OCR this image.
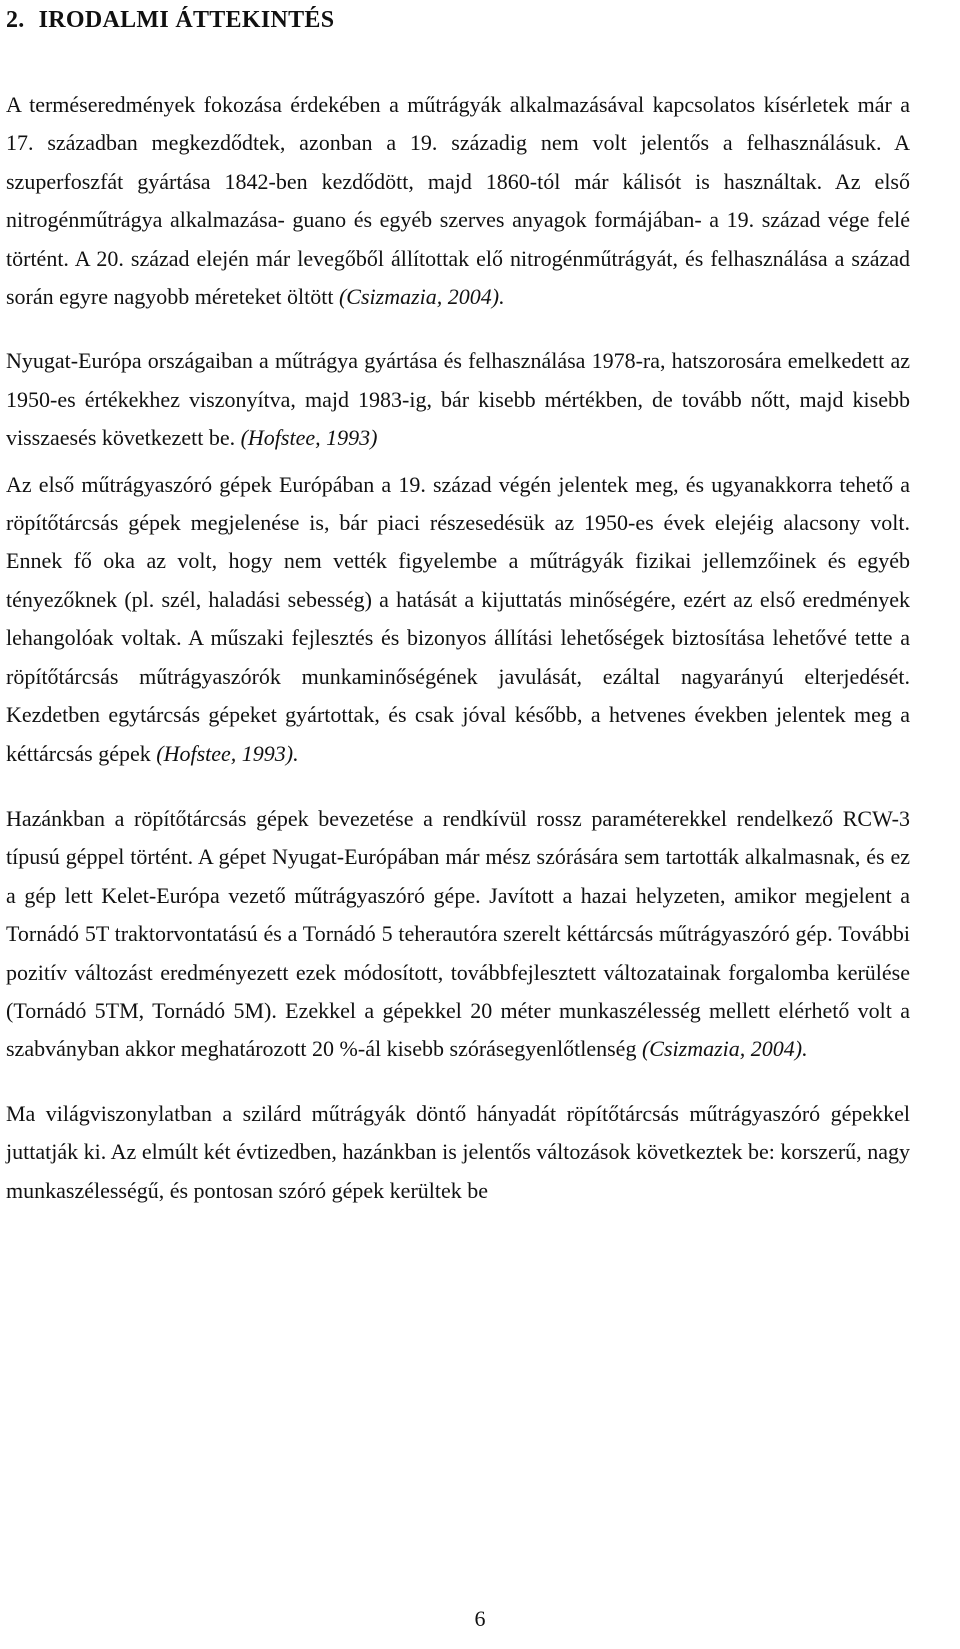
2. IRODALMI ÁTTEKINTÉS

A terméseredmények fokozása érdekében a műtrágyák alkalmazásával kapcsolatos kísérletek már a 17. században megkezdődtek, azonban a 19. századig nem volt jelentős a felhasználásuk. A szuperfoszfát gyártása 1842-ben kezdődött, majd 1860-tól már kálisót is használtak. Az első nitrogénműtrágya alkalmazása- guano és egyéb szerves anyagok formájában- a 19. század vége felé történt. A 20. század elején már levegőből állítottak elő nitrogénműtrágyát, és felhasználása a század során egyre nagyobb méreteket öltött (Csizmazia, 2004).

Nyugat-Európa országaiban a műtrágya gyártása és felhasználása 1978-ra, hatszorosára emelkedett az 1950-es értékekhez viszonyítva, majd 1983-ig, bár kisebb mértékben, de tovább nőtt, majd kisebb visszaesés következett be. (Hofstee, 1993)

Az első műtrágyaszóró gépek Európában a 19. század végén jelentek meg, és ugyanakkorra tehető a röpítőtárcsás gépek megjelenése is, bár piaci részesedésük az 1950-es évek elejéig alacsony volt. Ennek fő oka az volt, hogy nem vették figyelembe a műtrágyák fizikai jellemzőinek és egyéb tényezőknek (pl. szél, haladási sebesség) a hatását a kijuttatás minőségére, ezért az első eredmények lehangolóak voltak. A műszaki fejlesztés és bizonyos állítási lehetőségek biztosítása lehetővé tette a röpítőtárcsás műtrágyaszórók munkaminőségének javulását, ezáltal nagyarányú elterjedését. Kezdetben egytárcsás gépeket gyártottak, és csak jóval később, a hetvenes években jelentek meg a kéttárcsás gépek (Hofstee, 1993).

Hazánkban a röpítőtárcsás gépek bevezetése a rendkívül rossz paraméterekkel rendelkező RCW-3 típusú géppel történt. A gépet Nyugat-Európában már mész szórására sem tartották alkalmasnak, és ez a gép lett Kelet-Európa vezető műtrágyaszóró gépe. Javított a hazai helyzeten, amikor megjelent a Tornádó 5T traktorvontatású és a Tornádó 5 teherautóra szerelt kéttárcsás műtrágyaszóró gép. További pozitív változást eredményezett ezek módosított, továbbfejlesztett változatainak forgalomba kerülése (Tornádó 5TM, Tornádó 5M). Ezekkel a gépekkel 20 méter munkaszélesség mellett elérhető volt a szabványban akkor meghatározott 20 %-ál kisebb szórásegyenlőtlenség (Csizmazia, 2004).

Ma világviszonylatban a szilárd műtrágyák döntő hányadát röpítőtárcsás műtrágyaszóró gépekkel juttatják ki. Az elmúlt két évtizedben, hazánkban is jelentős változások következtek be: korszerű, nagy munkaszélességű, és pontosan szóró gépek kerültek be

6
